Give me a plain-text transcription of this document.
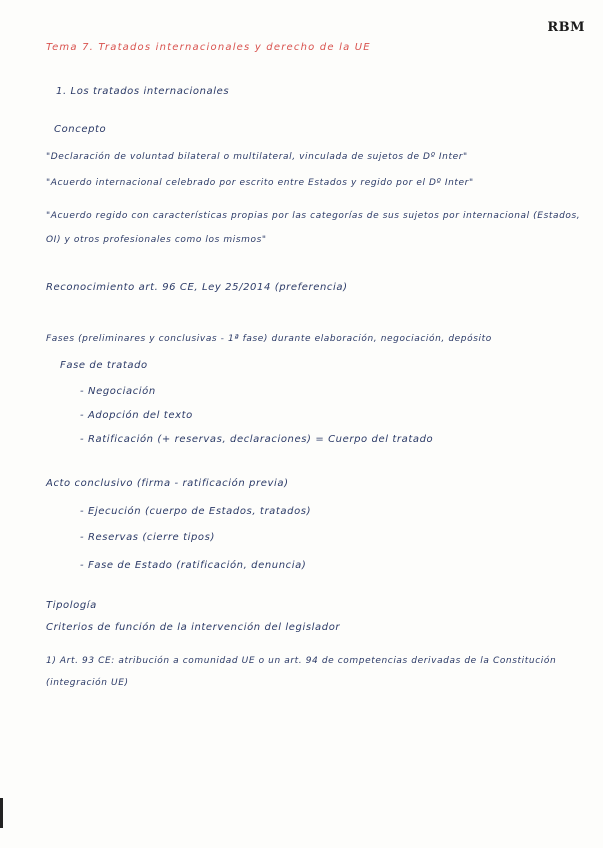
RBM
Tema 7. Tratados internacionales y derecho de la UE
1. Los tratados internacionales
Concepto
"Declaración de voluntad bilateral o multilateral, vinculada de sujetos de Dº Inter"
"Acuerdo internacional celebrado por escrito entre Estados y regido por el Dº Inter"
"Acuerdo regido con características propias por las categorías de sus sujetos por internacional (Estados, OI) y otros profesionales como los mismos"
Reconocimiento art. 96 CE, Ley 25/2014 (preferencia)
Fases (preliminares y conclusivas - 1ª fase) durante elaboración, negociación, depósito
Fase de tratado
- Negociación
- Adopción del texto
- Ratificación (+ reservas, declaraciones) = Cuerpo del tratado
Acto conclusivo (firma - ratificación previa)
- Ejecución (cuerpo de Estados, tratados)
- Reservas (cierre tipos)
- Fase de Estado (ratificación, denuncia)
Tipología
Criterios de función de la intervención del legislador
1) Art. 93 CE: atribución a comunidad UE o un art. 94 de competencias derivadas de la Constitución (integración UE)
